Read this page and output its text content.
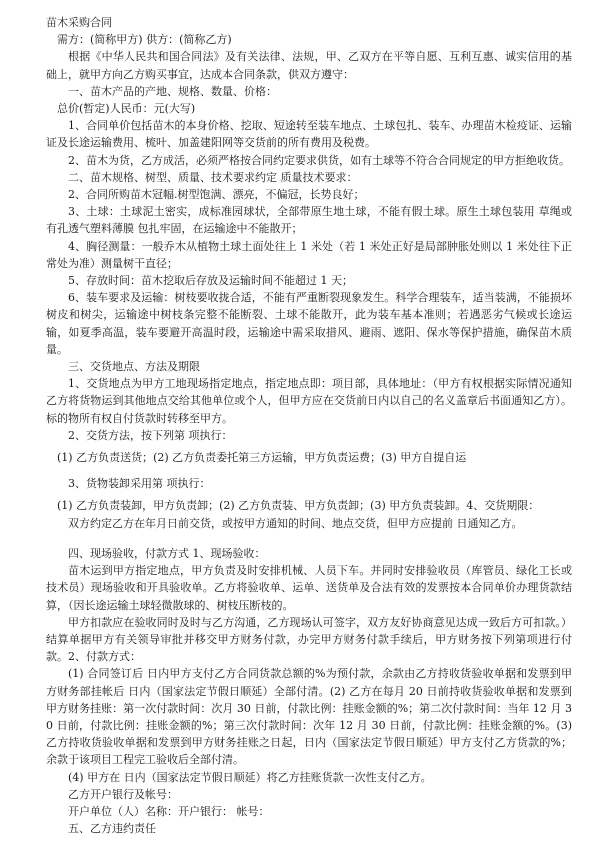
苗木采购合同

需方：(简称甲方) 供方：(简称乙方)

根据《中华人民共和国合同法》及有关法律、法规，甲、乙双方在平等自愿、互利互惠、诚实信用的基础上，就甲方向乙方购买事宜，达成本合同条款，供双方遵守：

一、苗木产品的产地、规格、数量、价格：

总价(暂定)人民币：元(大写)

1、合同单价包括苗木的本身价格、挖取、短途转至装车地点、土球包扎、装车、办理苗木检疫证、运输证及长途运输费用、梳叶、加盖建阳网等交货前的所有费用及税费。

2、苗木为货，乙方成活，必须严格按合同约定要求供货，如有土球等不符合合同规定的甲方拒绝收货。

二、苗木规格、树型、质量、技术要求约定 质量技术要求：

2、合同所购苗木冠幅.树型饱满、漂亮，不偏冠，长势良好；

3、土球：土球泥土密实，成标准园球状，全部带原生地土球，不能有假土球。原生土球包装用 草绳或有孔透气塑料薄膜 包扎牢固，在运输途中不能散开；

4、胸径测量：一般乔木从植物土球土面处往上 1 米处（若 1 米处正好是局部肿胀处则以 1 米处往下正常处为准）测量树干直径；

5、存放时间：苗木挖取后存放及运输时间不能超过 1 天；

6、装车要求及运输：树枝要收拢合适，不能有严重断裂现象发生。科学合理装车，适当装满，不能损坏树皮和树尖，运输途中树枝条完整不能断裂、土球不能散开，此为装车基本准则；若遇恶劣气候或长途运输，如夏季高温，装车要避开高温时段，运输途中需采取措风、避雨、遮阳、保水等保护措施，确保苗木质量。

三、交货地点、方法及期限

1、交货地点为甲方工地现场指定地点，指定地点即：项目部，具体地址：（甲方有权根据实际情况通知乙方将货物运到其他地点交给其他单位或个人，但甲方应在交货前日内以自己的名义盖章后书面通知乙方）。标的物所有权自付货款时转移至甲方。

2、交货方法，按下列第 项执行：

(1) 乙方负责送货；(2) 乙方负责委托第三方运输，甲方负责运费；(3) 甲方自提自运

3、货物装卸采用第 项执行：

(1) 乙方负责装卸，甲方负责卸；(2) 乙方负责装、甲方负责卸；(3) 甲方负责装卸。4、交货期限：

双方约定乙方在年月日前交货，或按甲方通知的时间、地点交货，但甲方应提前 日通知乙方。

四、现场验收，付款方式 1、现场验收：

苗木运到甲方指定地点，甲方负责及时安排机械、人员下车。并同时安排验收员（库管员、绿化工长或技术员）现场验收和开具验收单。乙方将验收单、运单、送货单及合法有效的发票按本合同单价办理货款结算，（因长途运输土球轻微散球的、树枝压断枝的。

甲方扣款应在验收同时及时与乙方沟通，乙方现场认可签字，双方友好协商意见达成一致后方可扣款。）结算单据甲方有关领导审批并移交甲方财务付款，办完甲方财务付款手续后，甲方财务按下列第项进行付款。2、付款方式：

(1) 合同签订后 日内甲方支付乙方合同货款总额的%为预付款，余款由乙方持收货验收单据和发票到甲方财务部挂帐后 日内（国家法定节假日顺延）全部付清。(2) 乙方在每月 20 日前持收货验收单据和发票到甲方财务挂账：第一次付款时间：次月 30 日前，付款比例：挂账金额的%；第二次付款时间：当年 12 月 30 日前，付款比例：挂账金额的%；第三次付款时间：次年 12 月 30 日前，付款比例：挂账金额的%。(3) 乙方持收货验收单据和发票到甲方财务挂账之日起，日内（国家法定节假日顺延）甲方支付乙方货款的%；余款于该项目工程完工验收后全部付清。

(4) 甲方在 日内（国家法定节假日顺延）将乙方挂账货款一次性支付乙方。

乙方开户银行及帐号：

开户单位（人）名称：开户银行： 帐号：

五、乙方违约责任
